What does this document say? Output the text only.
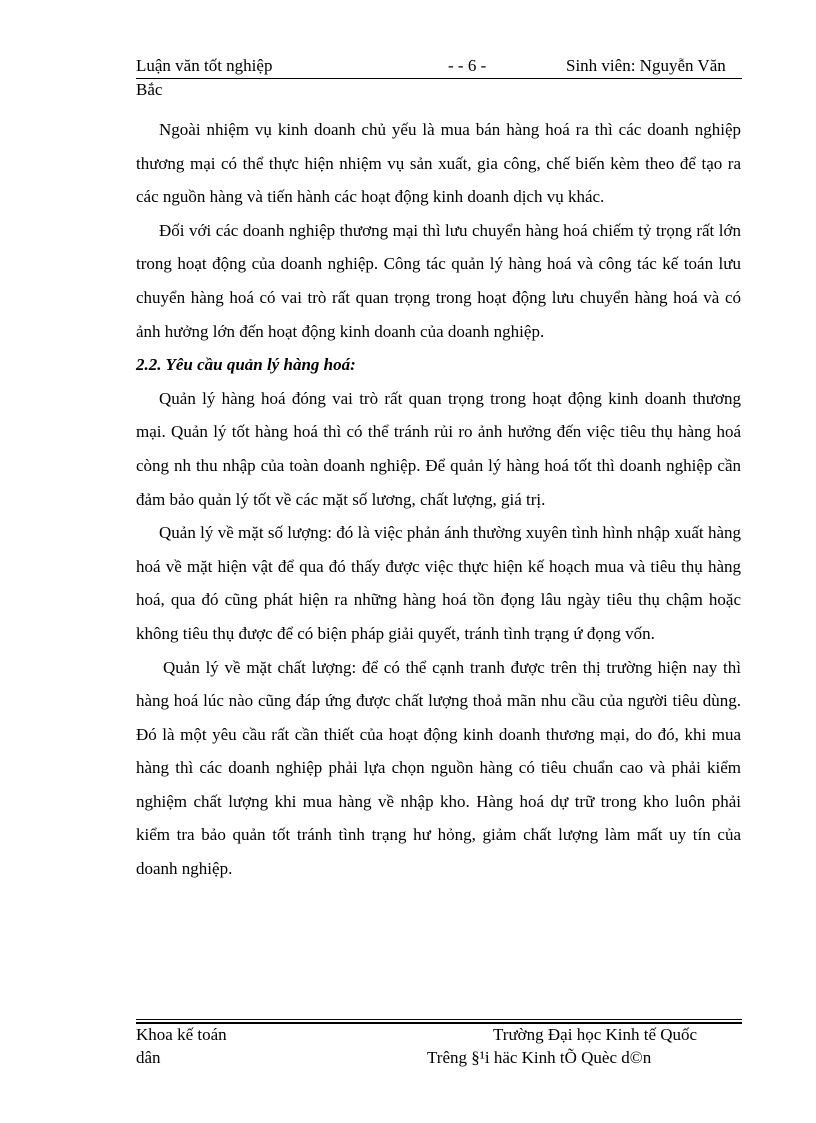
Luận văn tốt nghiệp	- - 6 -	Sinh viên: Nguyễn Văn
Bắc

Ngoài nhiệm vụ kinh doanh chủ yếu là mua bán hàng hoá ra thì các doanh nghiệp thương mại có thể thực hiện nhiệm vụ sản xuất, gia công, chế biến kèm theo để tạo ra các nguồn hàng và tiến hành các hoạt động kinh doanh dịch vụ khác.

Đối với các doanh nghiệp thương mại thì lưu chuyển hàng hoá chiếm tỷ trọng rất lớn trong hoạt động của doanh nghiệp. Công tác quản lý hàng hoá và công tác kế toán lưu chuyển hàng hoá có vai trò rất quan trọng trong hoạt động lưu chuyển hàng hoá và có ảnh hưởng lớn đến hoạt động kinh doanh của doanh nghiệp.

2.2. Yêu cầu quản lý hàng hoá:

Quản lý hàng hoá đóng vai trò rất quan trọng trong hoạt động kinh doanh thương mại. Quản lý tốt hàng hoá thì có thể tránh rủi ro ảnh hưởng đến việc tiêu thụ hàng hoá còng nh thu nhập của toàn doanh nghiệp. Để quản lý hàng hoá tốt thì doanh nghiệp cần đảm bảo quản lý tốt về các mặt số lương, chất lượng, giá trị.

Quản lý về mặt số lượng: đó là việc phản ánh thường xuyên tình hình nhập xuất hàng hoá về mặt hiện vật để qua đó thấy được việc thực hiện kế hoạch mua và tiêu thụ hàng hoá, qua đó cũng phát hiện ra những hàng hoá tồn đọng lâu ngày tiêu thụ chậm hoặc không tiêu thụ được để có biện pháp giải quyết, tránh tình trạng ứ đọng vốn.

Quản lý về mặt chất lượng: để có thể cạnh tranh được trên thị trường hiện nay thì hàng hoá lúc nào cũng đáp ứng được chất lượng thoả mãn nhu cầu của người tiêu dùng. Đó là một yêu cầu rất cần thiết của hoạt động kinh doanh thương mại, do đó, khi mua hàng thì các doanh nghiệp phải lựa chọn nguồn hàng có tiêu chuẩn cao và phải kiểm nghiệm chất lượng khi mua hàng về nhập kho. Hàng hoá dự trữ trong kho luôn phải kiểm tra bảo quản tốt tránh tình trạng hư hỏng, giảm chất lượng làm mất uy tín của doanh nghiệp.

Khoa kế toán	Trường Đại học Kinh tế Quốc
dân	Trêng §¹i häc Kinh tÕ Quèc d©n
